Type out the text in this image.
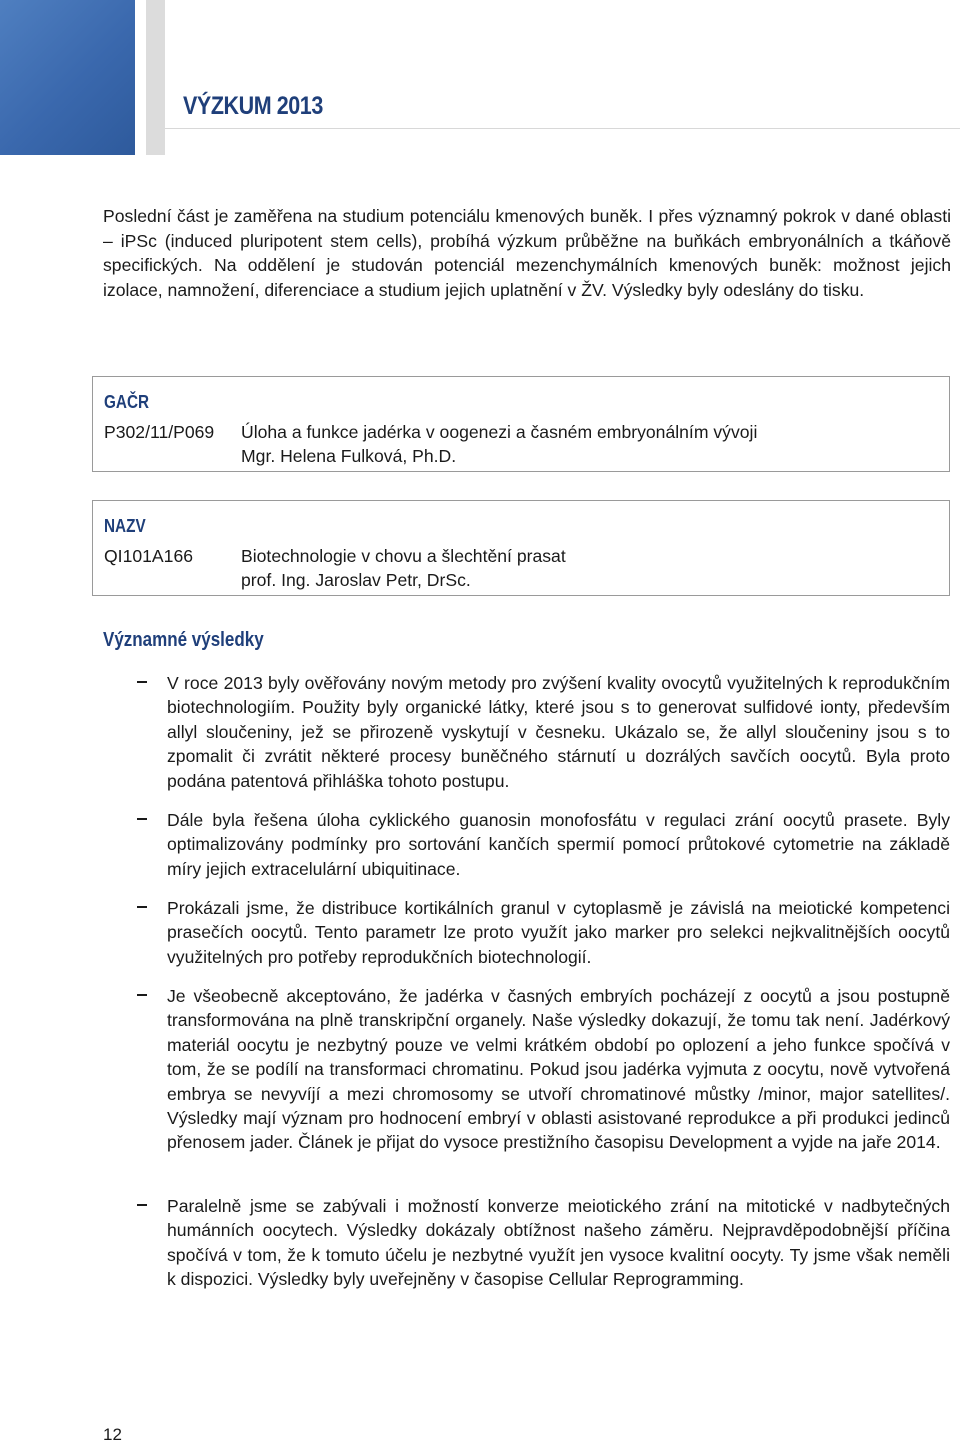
VÝZKUM 2013

Poslední část je zaměřena na studium potenciálu kmenových buněk. I přes významný pokrok v dané oblasti – iPSc (induced pluripotent stem cells), probíhá výzkum průběžne na buňkách embryonálních a tkáňově specifických. Na oddělení je studován potenciál mezenchymálních kmenových buněk: možnost jejich izolace, namnožení, diferenciace a studium jejich uplatnění v ŽV. Výsledky byly odeslány do tisku.

GAČR
P302/11/P069 Úloha a funkce jadérka v oogenezi a časném embryonálním vývoji
Mgr. Helena Fulková, Ph.D.
NAZV
QI101A166	Biotechnologie v chovu a šlechtění prasat
prof. Ing. Jaroslav Petr, DrSc.
Významné výsledky

V roce 2013 byly ověřovány novým metody pro zvýšení kvality ovocytů využitelných k reprodukčním biotechnologiím. Použity byly organické látky, které jsou s to generovat sulfidové ionty, především allyl sloučeniny, jež se přirozeně vyskytují v česneku. Ukázalo se, že allyl sloučeniny jsou s to zpomalit či zvrátit některé procesy buněčného stárnutí u dozrálých savčích oocytů. Byla proto podána patentová přihláška tohoto postupu.

Dále byla řešena úloha cyklického guanosin monofosfátu v regulaci zrání oocytů prasete. Byly optimalizovány podmínky pro sortování kančích spermií pomocí průtokové cytometrie na základě míry jejich extracelulární ubiquitinace.

Prokázali jsme, že distribuce kortikálních granul v cytoplasmě je závislá na meiotické kompetenci prasečích oocytů. Tento parametr lze proto využít jako marker pro selekci nejkvalitnějších oocytů využitelných pro potřeby reprodukčních biotechnologií.

Je všeobecně akceptováno, že jadérka v časných embryích pocházejí z oocytů a jsou postupně transformována na plně transkripční organely. Naše výsledky dokazují, že tomu tak není. Jadérkový materiál oocytu je nezbytný pouze ve velmi krátkém období po oplození a jeho funkce spočívá v tom, že se podílí na transformaci chromatinu. Pokud jsou jadérka vyjmuta z oocytu, nově vytvořená embrya se nevyvíjí a mezi chromosomy se utvoří chromatinové můstky /minor, major satellites/. Výsledky mají význam pro hodnocení embryí v oblasti asistované reprodukce a při produkci jedinců přenosem jader. Článek je přijat do vysoce prestižního časopisu Development a vyjde na jaře 2014.

Paralelně jsme se zabývali i možností konverze meiotického zrání na mitotické v nadbytečných humánních oocytech. Výsledky dokázaly obtížnost našeho záměru. Nejpravděpodobnější příčina spočívá v tom, že k tomuto účelu je nezbytné využít jen vysoce kvalitní oocyty. Ty jsme však neměli k dispozici. Výsledky byly uveřejněny v časopise Cellular Reprogramming.

12
